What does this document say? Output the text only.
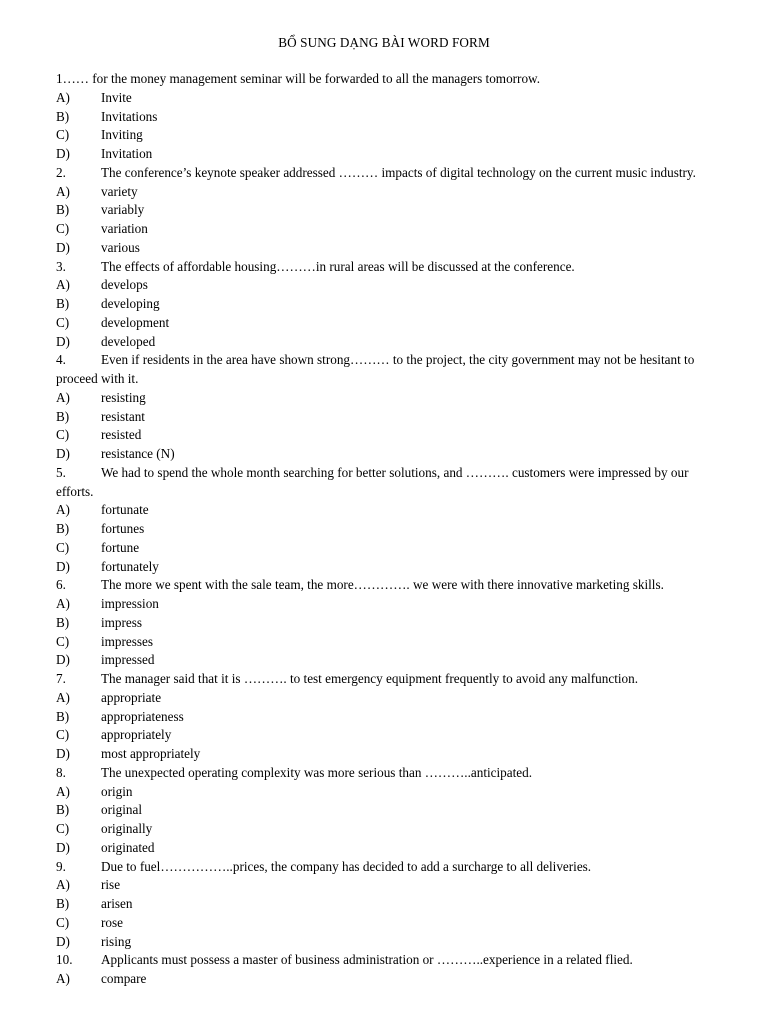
BỔ SUNG DẠNG BÀI WORD FORM
1…… for the money management seminar will be forwarded to all the managers tomorrow.
A) Invite
B) Invitations
C) Inviting
D) Invitation
2.	The conference’s keynote speaker addressed ……… impacts of digital technology on the current music industry.
A) variety
B) variably
C) variation
D) various
3.	The effects of affordable housing………in rural areas will be discussed at the conference.
A) develops
B) developing
C) development
D) developed
4.	Even if residents in the area have shown strong……… to the project, the city government may not be hesitant to
proceed with it.
A) resisting
B) resistant
C) resisted
D) resistance (N)
5.	We had to spend the whole month searching for better solutions, and ………. customers were impressed by our
efforts.
A) fortunate
B) fortunes
C) fortune
D) fortunately
6.	The more we spent with the sale team, the more…………. we were with there innovative marketing skills.
A) impression
B) impress
C) impresses
D) impressed
7.	The manager said that it is ………. to test emergency equipment frequently to avoid any malfunction.
A) appropriate
B) appropriateness
C) appropriately
D) most appropriately
8.	The unexpected operating complexity was more serious than ………..anticipated.
A) origin
B) original
C) originally
D) originated
9.	Due to fuel……………..prices, the company has decided to add a surcharge to all deliveries.
A) rise
B) arisen
C) rose
D) rising
10. Applicants must possess a master of business administration or ………..experience in a related flied.
A) compare
